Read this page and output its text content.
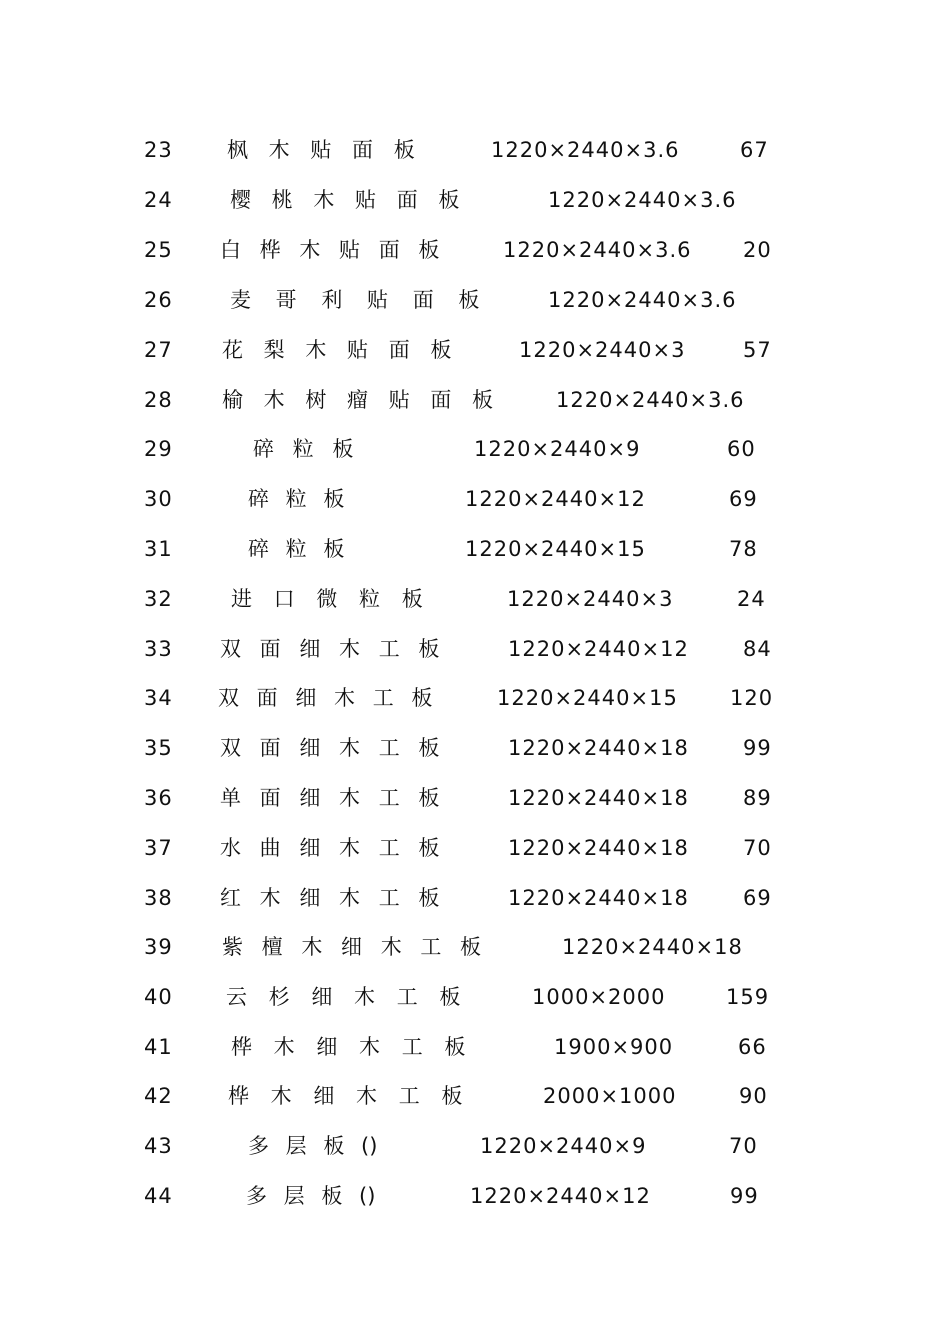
23	枫 木 贴 面 板	1220×2440×3.6	67
24	樱 桃 木 贴 面 板	1220×2440×3.6
25 白 桦 木 贴 面 板	1220×2440×3.6 20
26	麦 哥 利 贴 面 板	1220×2440×3.6
27 花 梨 木 贴 面 板	1220×2440×3	57
28 榆 木 树 瘤 贴 面 板	1220×2440×3.6
29	碎 粒 板	1220×2440×9	60
30	碎 粒 板	1220×2440×12	69
31	碎 粒 板	1220×2440×15	78
32	进 口 微 粒 板	1220×2440×3	24
33 双 面 细 木 工 板	1220×2440×12	84
34 双 面 细 木 工 板	1220×2440×15 120
35 双 面 细 木 工 板	1220×2440×18	99
36 单 面 细 木 工 板	1220×2440×18	89
37 水 曲 细 木 工 板	1220×2440×18	70
38 红 木 细 木 工 板	1220×2440×18	69
39 紫 檀 木 细 木 工 板	1220×2440×18
40	云 杉 细 木 工 板	1000×2000	159
41	桦 木 细 木 工 板	1900×900	66
42	桦 木 细 木 工 板	2000×1000	90
43	多 层 板 ()	1220×2440×9	70
44	多 层 板 ()	1220×2440×12	99
